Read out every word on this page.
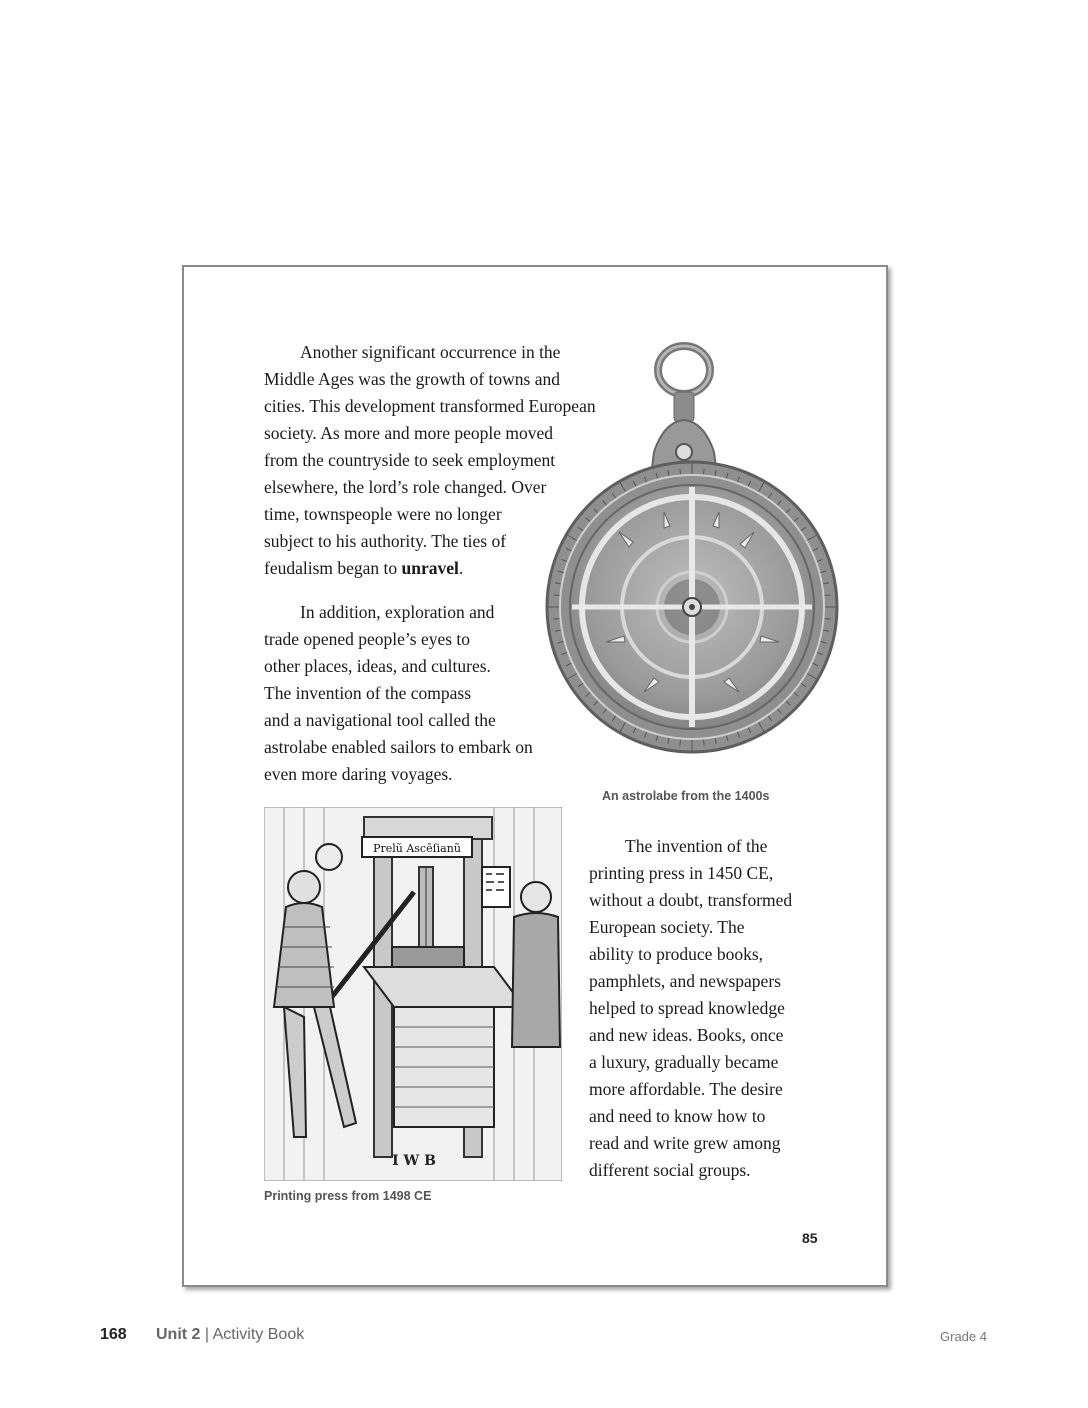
Another significant occurrence in the
Middle Ages was the growth of towns and
cities. This development transformed European
society. As more and more people moved
from the countryside to seek employment
elsewhere, the lord’s role changed. Over
time, townspeople were no longer
subject to his authority. The ties of
feudalism began to unravel.

In addition, exploration and
trade opened people’s eyes to
other places, ideas, and cultures.
The invention of the compass
and a navigational tool called the
astrolabe enabled sailors to embark on
even more daring voyages.

An astrolabe from the 1400s
Prelũ Ascēſianũ
I W B
Printing press from 1498 CE

The invention of the
printing press in 1450 CE,
without a doubt, transformed
European society. The
ability to produce books,
pamphlets, and newspapers
helped to spread knowledge
and new ideas. Books, once
a luxury, gradually became
more affordable. The desire
and need to know how to
read and write grew among
different social groups.

85
168 Unit 2 | Activity Book	Grade 4
